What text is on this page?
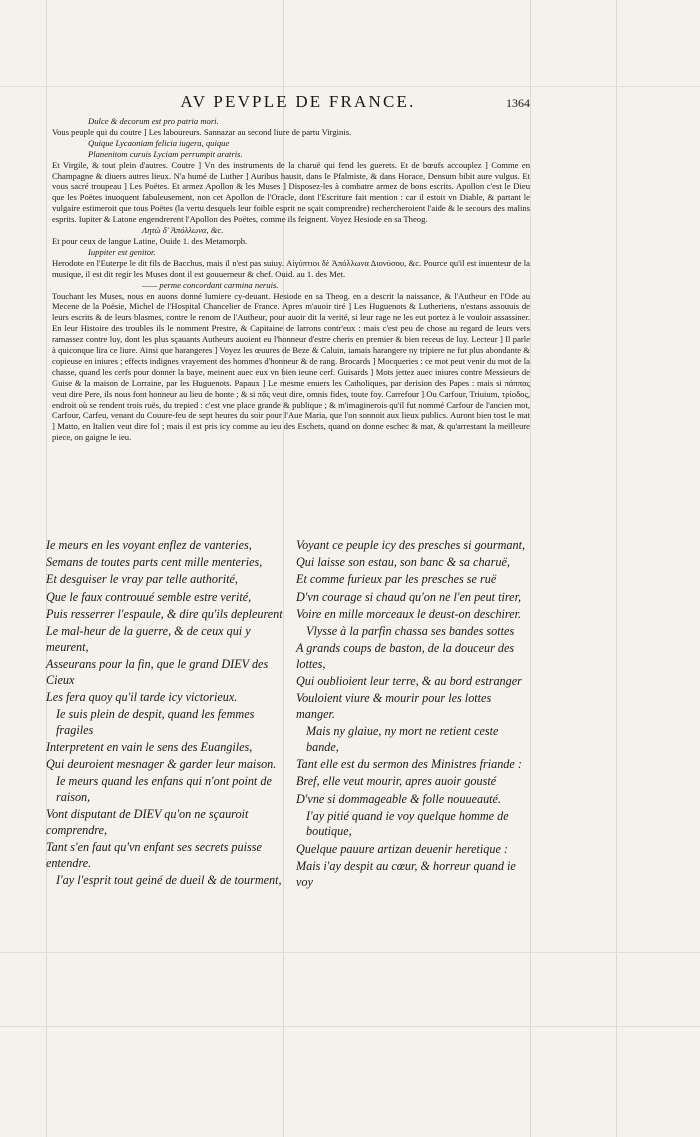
AV PEVPLE DE FRANCE.	1364

Dulce & decorum est pro patria mori.

Vous peuple qui du coutre ] Les laboureurs. Sannazar au second liure de partu Virginis.

Quique Lycaoniam felicia iugera, quique

Planenitom curuis Lyciam perrumpit aratris.

Et Virgile, & tout plein d'autres. Coutre ] Vn des instruments de la charuë qui fend les guerets. Et de bœufs accouplez ] Comme en Champagne & diuers autres lieux. N'a humé de Luther ] Auribus hausit, dans le Pfalmiste, & dans Horace, Densum bibit aure vulgus. Et vous sacré troupeau ] Les Poëtes. Et armez Apollon & les Muses ] Disposez-les à combatre armez de bons escrits. Apollon c'est le Dieu que les Poëtes inuoquent fabuleusement, non cet Apollon de l'Oracle, dont l'Escriture fait mention : car il estoit vn Diable, & partant le vulgaire estimeroit que tous Poëtes (la vertu desquels leur foible esprit ne sçait comprendre) rechercheroient l'aide & le secours des malins esprits. Iupiter & Latone engendrerent l'Apollon des Poëtes, comme ils feignent. Voyez Hesiode en sa Theog.

Λητὼ δ' Ἀπόλλωνα, &c.

Et pour ceux de langue Latine, Ouide 1. des Metamorph.

Iuppiter est genitor.

Herodote en l'Euterpe le dit fils de Bacchus, mais il n'est pas suiuy. Αἰγύπτιοι δὲ Ἀπόλλωνα Διονύσου, &c. Pource qu'il est inuenteur de la musique, il est dit regir les Muses dont il est gouuerneur & chef. Ouid. au 1. des Met.

—— perme concordant carmina neruis.

Touchant les Muses, nous en auons donné lumiere cy-deuant. Hesiode en sa Theog. en a descrit la naissance, & l'Autheur en l'Ode au Mecene de la Poësie, Michel de l'Hospital Chancelier de France. Apres m'auoir tiré ] Les Huguenots & Lutheriens, n'estans assouuis de leurs escrits & de leurs blasmes, contre le renom de l'Autheur, pour auoir dit la verité, si leur rage ne les eut portez à le vouloir assassiner. En leur Histoire des troubles ils le nomment Prestre, & Capitaine de larrons contr'eux : mais c'est peu de chose au regard de leurs vers ramassez contre luy, dont les plus sçauants Autheurs auoient eu l'honneur d'estre cheris en premier & bien receus de luy. Lecteur ] Il parle à quiconque lira ce liure. Ainsi que harangeres ] Voyez les œuures de Beze & Caluin, iamais harangere ny tripiere ne fut plus abondante & copieuse en iniures ; effects indignes vrayement des hommes d'honneur & de rang. Brocards ] Mocqueries : ce mot peut venir du mot de la chasse, quand les cerfs pour donner la baye, meinent auec eux vn bien ieune cerf. Guisards ] Mots jettez auec iniures contre Messieurs de Guise & la maison de Lorraine, par les Huguenots. Papaux ] Le mesme enuers les Catholiques, par derision des Papes : mais si πάππας veut dire Pere, ils nous font honneur au lieu de honte ; & si πᾶς veut dire, omnis fides, toute foy. Carrefour ] Ou Carfour, Triuium, τρίοδος, endroit où se rendent trois ruës, du trepied : c'est vne place grande & publique ; & m'imaginerois qu'il fut nommé Carfour de l'ancien mot, Carfour, Carfeu, venant du Couure-feu de sept heures du soir pour l'Aue Maria, que l'on sonnoit aux lieux publics. Auront bien tost le mat ] Matto, en Italien veut dire fol ; mais il est pris icy comme au ieu des Eschets, quand on donne eschec & mat, & qu'arrestant la meilleure piece, on gaigne le ieu.

Ie meurs en les voyant enflez de vanteries,

Semans de toutes parts cent mille menteries,

Et desguiser le vray par telle authorité,

Que le faux controuué semble estre verité,

Puis resserrer l'espaule, & dire qu'ils depleurent

Le mal-heur de la guerre, & de ceux qui y meurent,

Asseurans pour la fin, que le grand DIEV des Cieux

Les fera quoy qu'il tarde icy victorieux.

Ie suis plein de despit, quand les femmes fragiles

Interpretent en vain le sens des Euangiles,

Qui deuroient mesnager & garder leur maison.

Ie meurs quand les enfans qui n'ont point de raison,

Vont disputant de DIEV qu'on ne sçauroit comprendre,

Tant s'en faut qu'vn enfant ses secrets puisse entendre.

I'ay l'esprit tout geiné de dueil & de tourment,

Voyant ce peuple icy des presches si gourmant,

Qui laisse son estau, son banc & sa charuë,

Et comme furieux par les presches se ruë

D'vn courage si chaud qu'on ne l'en peut tirer,

Voire en mille morceaux le deust-on deschirer.

Vlysse à la parfin chassa ses bandes sottes

A grands coups de baston, de la douceur des lottes,

Qui oublioient leur terre, & au bord estranger

Vouloient viure & mourir pour les lottes manger.

Mais ny glaiue, ny mort ne retient ceste bande,

Tant elle est du sermon des Ministres friande :

Bref, elle veut mourir, apres auoir gousté

D'vne si dommageable & folle nouueauté.

I'ay pitié quand ie voy quelque homme de boutique,

Quelque pauure artizan deuenir heretique :

Mais i'ay despit au cœur, & horreur quand ie voy
